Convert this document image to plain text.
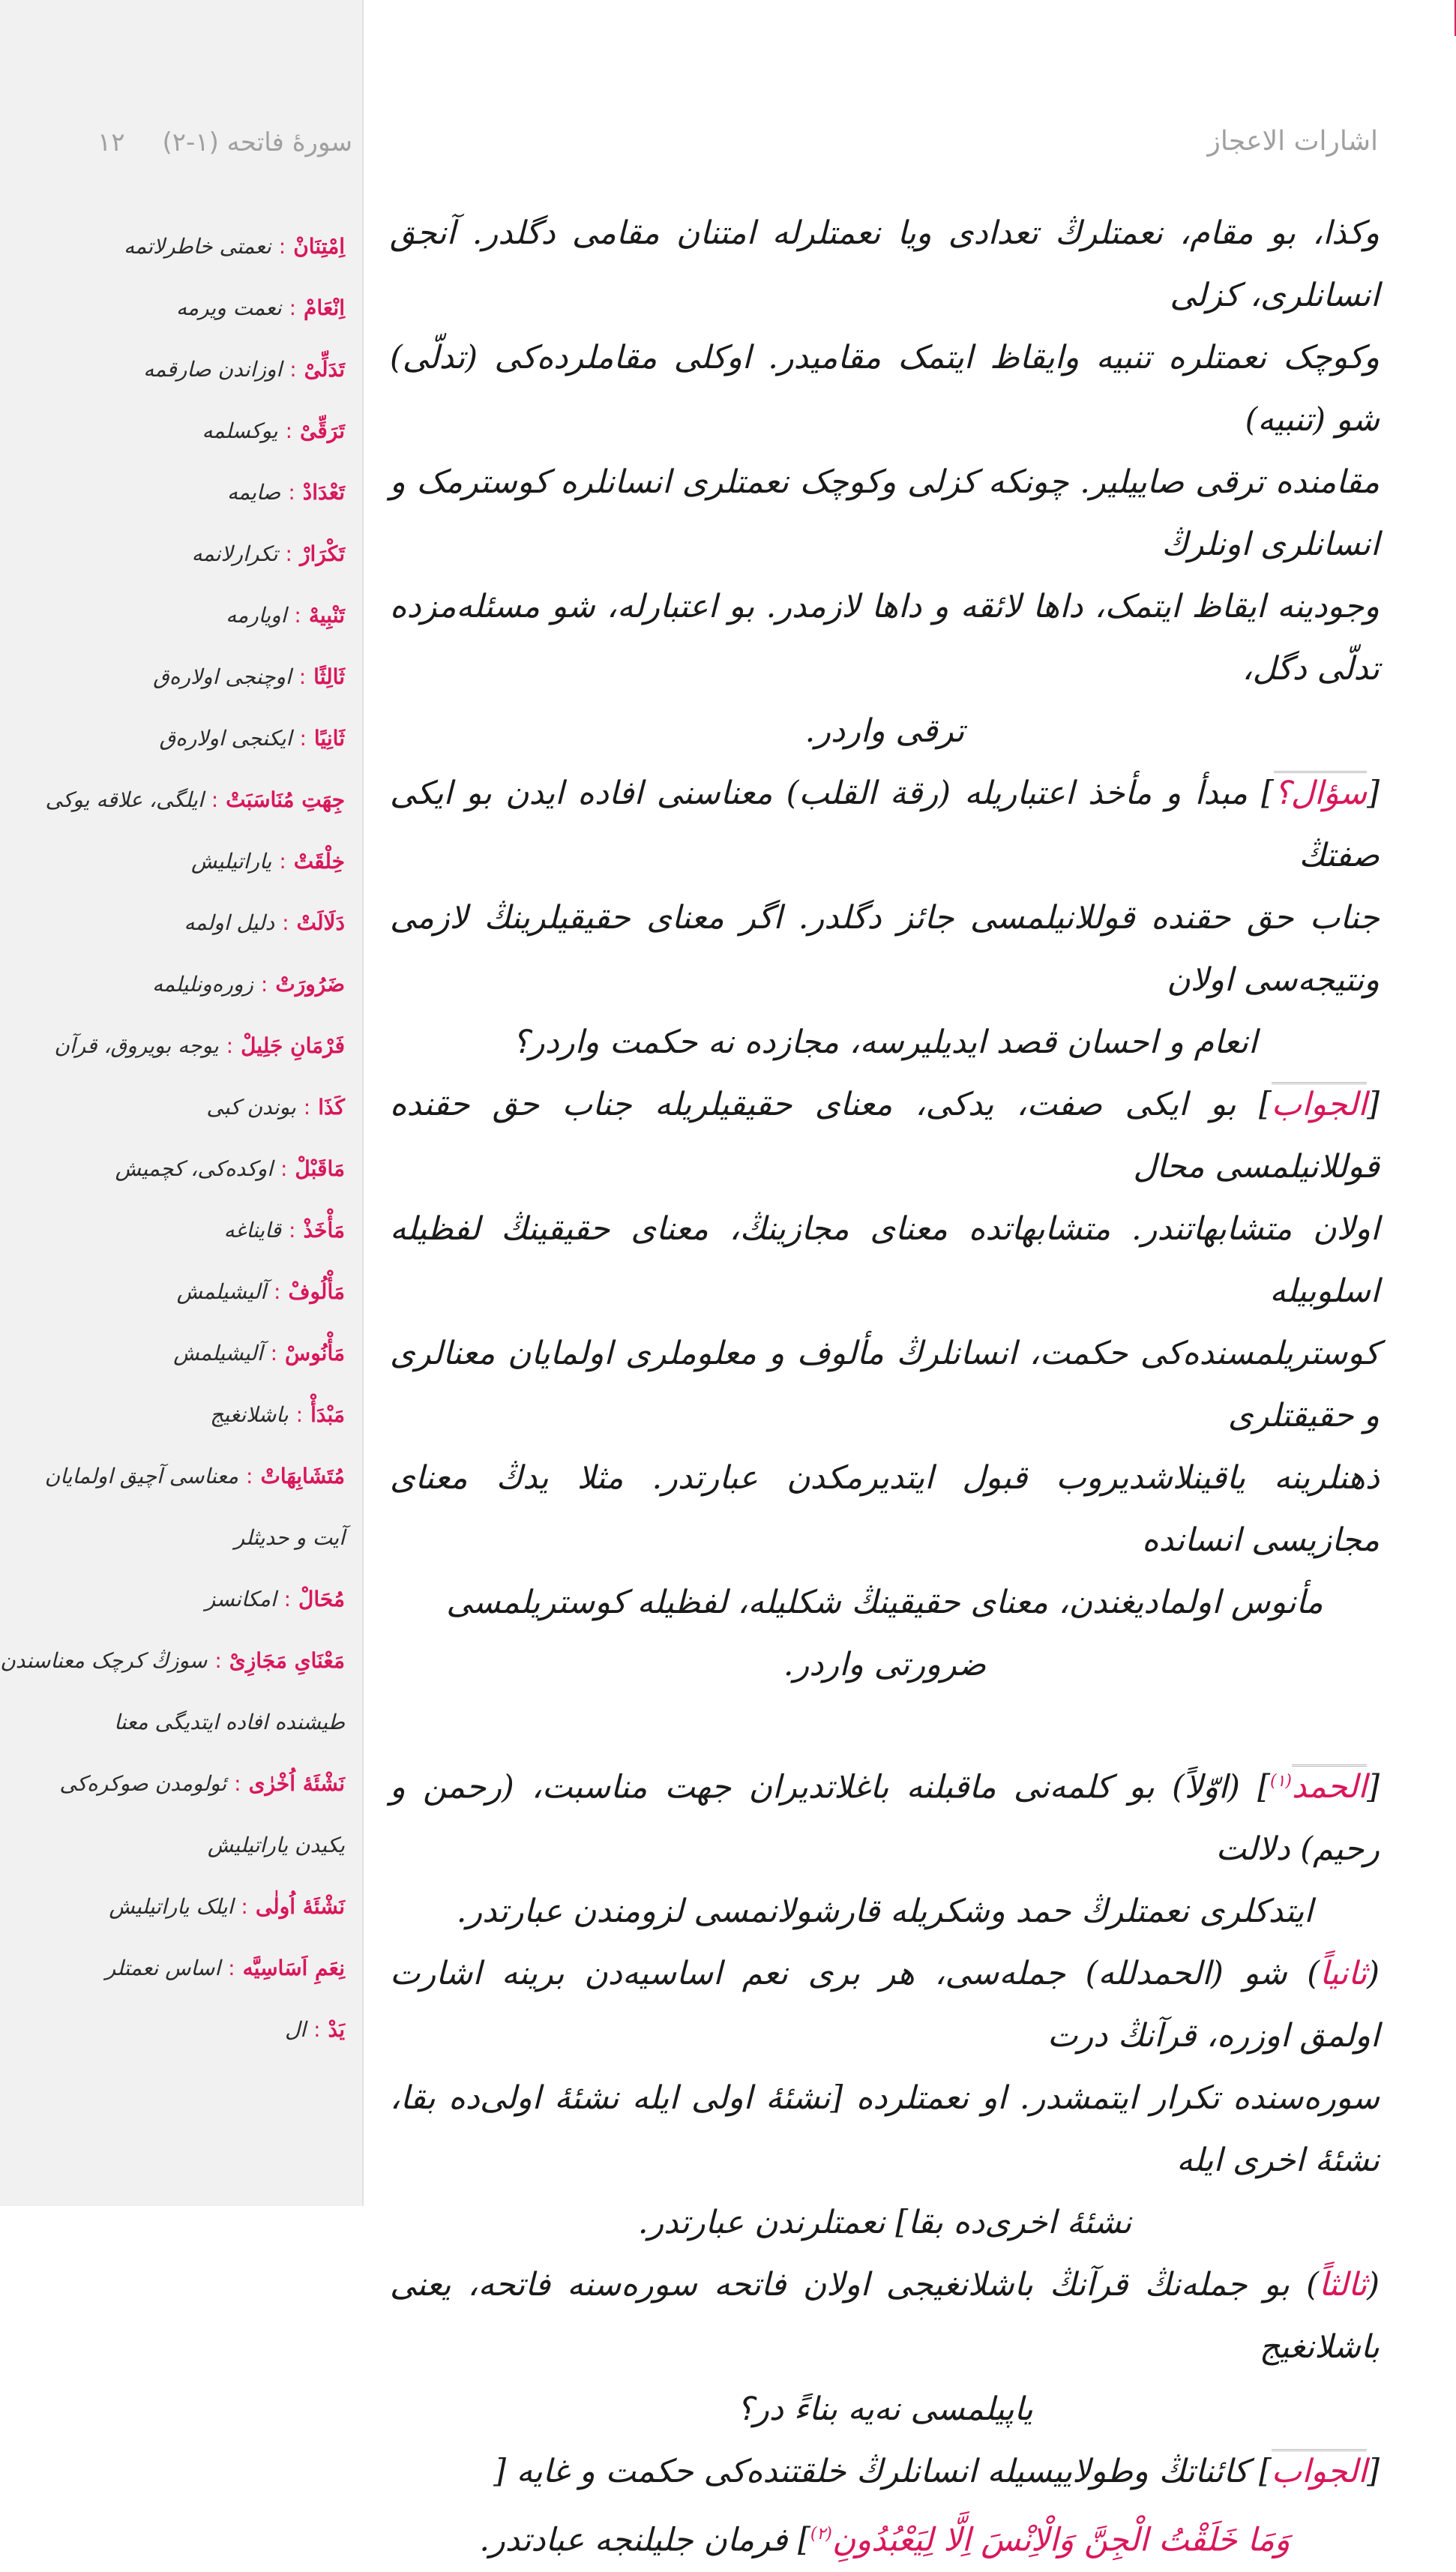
١٢ سورهٔ فاتحه (١-٢)
اِمْتِنَانْ
:
نعمتی خاطرلاتمه
اِنْعَامْ
:
نعمت ویرمه
تَدَلِّیْ
:
اوزاندن صارقمه
تَرَقِّیْ
:
یوکسلمه
تَعْدَادْ
:
صایمه
تَکْرَارْ
:
تکرارلانمه
تَنْبِیهْ
:
اویارمه
ثَالِثًا
:
اوچنجی اولاره‌ق
ثَانِیًا
:
ایکنجی اولاره‌ق
جِهَتِ مُنَاسَبَتْ
:
ایلگی، علاقه یوکی
خِلْقَتْ
:
یاراتیلیش
دَلَالَتْ
:
دلیل اولمه
ضَرُورَتْ
:
زوره‌ونلیلمه
فَرْمَانِ جَلِیلْ
:
یوجه بویروق، قرآن
کَذَا
:
بوندن کبی
مَاقَبْلْ
:
اوکده‌کی، کچمیش
مَأْخَذْ
:
قایناغه
مَأْلُوفْ
:
آلیشیلمش
مَأْنُوسْ
:
آلیشیلمش
مَبْدَأْ
:
باشلانغیج
مُتَشَابِهَاتْ
:
معناسی آچیق اولمایان
آیت و حدیثلر
مُحَالْ
:
امکانسز
مَعْنَایِ مَجَازِیْ
:
سوزڭ کرچک معناسندن
طیشنده افاده ایتدیگی معنا
نَشْئَهٔ اُخْرٰی
:
ئولومدن صوکره‌کی
یکیدن یاراتیلیش
نَشْئَهٔ اُولٰی
:
ایلک یاراتیلیش
نِعَمِ اَسَاسِیَّه
:
اساس نعمتلر
یَدْ
:
ال
اشارات الاعجاز

وکذا، بو مقام، نعمتلرڭ تعدادی ویا نعمتلرله امتنان مقامی دگلدر. آنجق انسانلری، کزلی

وکوچک نعمتلره تنبیه وایقاظ ایتمک مقامیدر. اوکلی مقاملرده‌کی (تدلّی) شو (تنبیه)

مقامنده ترقی صاییلیر. چونکه کزلی وکوچک نعمتلری انسانلره کوسترمک و انسانلری اونلرڭ

وجودینه ایقاظ ایتمک، داها لائقه و داها لازمدر. بو اعتبارله، شو مسئله‌مزده تدلّی دگل،

ترقی واردر.

[سؤال؟] مبدأ و مأخذ اعتباریله (رقة القلب) معناسنی افاده ایدن بو ایکی صفتڭ

جناب حق حقنده قوللانیلمسی جائز دگلدر. اگر معنای حقیقیلرینڭ لازمی ونتیجه‌سی اولان

انعام و احسان قصد ایدیلیرسه، مجازده نه حکمت واردر؟

[الجواب] بو ایکی صفت، یدکی، معنای حقیقیلریله جناب حق حقنده قوللانیلمسی محال

اولان متشابهاتندر. متشابهاتده معنای مجازینڭ، معنای حقیقینڭ لفظیله اسلوبیله

کوستریلمسنده‌کی حکمت، انسانلرڭ مألوف و معلوملری اولمایان معنالری و حقیقتلری

ذهنلرینه یاقینلاشدیروب قبول ایتدیرمکدن عبارتدر. مثلا یدڭ معنای مجازیسی انسانده

مأنوس اولمادیغندن، معنای حقیقینڭ شکلیله، لفظیله کوستریلمسی ضرورتی واردر.

[الحمد$^{(١)}$] (اوّلاً) بو کلمه‌نی ماقبلنه باغلاتدیران جهت مناسبت، (رحمن و رحیم) دلالت

ایتدکلری نعمتلرڭ حمد وشکریله قارشولانمسی لزومندن عبارتدر.

(ثانیاً) شو (الحمدلله) جمله‌سی، هر بری نعم اساسیه‌دن برینه اشارت اولمق اوزره، قرآنڭ درت

سوره‌سنده تکرار ایتمشدر. او نعمتلرده [نشئهٔ اولی ایله نشئهٔ اولی‌ده بقا، نشئهٔ اخری ایله

نشئهٔ اخری‌ده بقا] نعمتلرندن عبارتدر.

(ثالثاً) بو جمله‌نڭ قرآنڭ باشلانغیجی اولان فاتحه سوره‌سنه فاتحه، یعنی باشلانغیج

یاپیلمسی نه‌یه بناءً در؟

[الجواب] کائناتڭ وطولاییسیله انسانلرڭ خلقتنده‌کی حکمت و غایه [

وَمَا خَلَقْتُ الْجِنَّ وَالْاِنْسَ اِلَّا لِيَعْبُدُونِ$^{(٢)}$] فرمان جلیلنجه عبادتدر.
